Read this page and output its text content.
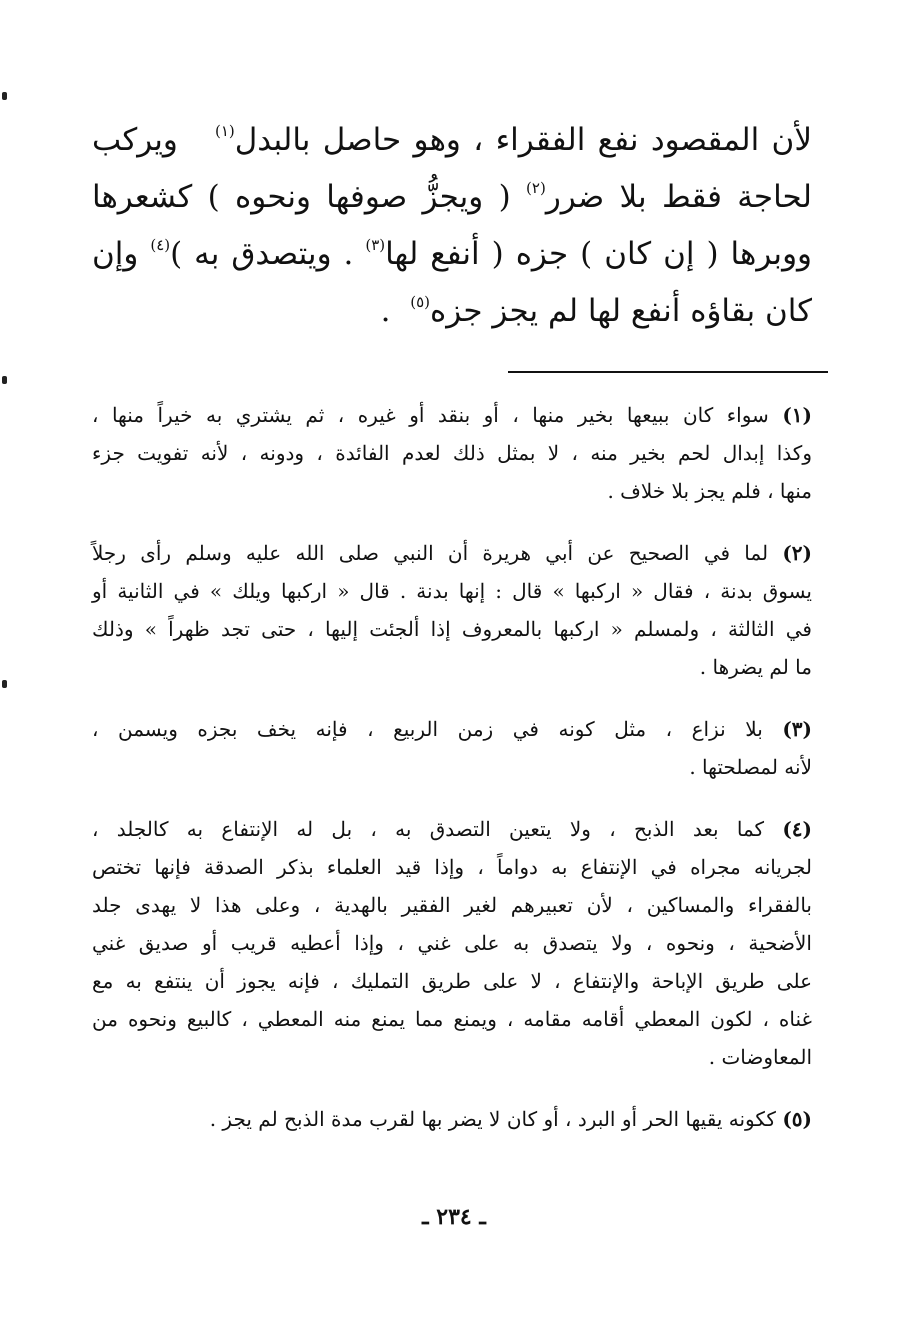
لأن المقصود نفع الفقراء ، وهو حاصل بالبدل$^{(١)}$   ويركب
لحاجة فقط بلا ضرر$^{(٢)}$ ( ويجزُّ صوفها ونحوه ) كشعرها
ووبرها ( إن كان ) جزه ( أنفع لها$^{(٣)}$ . ويتصدق به )$^{(٤)}$ وإن
كان بقاؤه أنفع لها لم يجز جزه$^{(٥)}$  .
(١) سواء كان ببيعها بخير منها ، أو بنقد أو غيره ، ثم يشتري به خيراً منها ،
وكذا إبدال لحم بخير منه ، لا بمثل ذلك لعدم الفائدة ، ودونه ، لأنه تفويت جزء
منها ، فلم يجز بلا خلاف .
(٢) لما في الصحيح عن أبي هريرة أن النبي صلى الله عليه وسلم رأى رجلاً
يسوق بدنة ، فقال « اركبها » قال : إنها بدنة . قال « اركبها ويلك » في الثانية أو
في الثالثة ، ولمسلم « اركبها بالمعروف إذا ألجئت إليها ، حتى تجد ظهراً » وذلك
ما لم يضرها .
(٣) بلا نزاع ، مثل كونه في زمن الربيع ، فإنه يخف بجزه ويسمن ،
لأنه لمصلحتها .
(٤) كما بعد الذبح ، ولا يتعين التصدق به ، بل له الإنتفاع به كالجلد ،
لجريانه مجراه في الإنتفاع به دواماً ، وإذا قيد العلماء بذكر الصدقة فإنها تختص
بالفقراء والمساكين ، لأن تعبيرهم لغير الفقير بالهدية ، وعلى هذا لا يهدى جلد
الأضحية ، ونحوه ، ولا يتصدق به على غني ، وإذا أعطيه قريب أو صديق غني
على طريق الإباحة والإنتفاع ، لا على طريق التمليك ، فإنه يجوز أن ينتفع به مع
غناه ، لكون المعطي أقامه مقامه ، ويمنع مما يمنع منه المعطي ، كالبيع ونحوه من
المعاوضات .
(٥) ككونه يقيها الحر أو البرد ، أو كان لا يضر بها لقرب مدة الذبح لم يجز .
ـ ٢٣٤ ـ
